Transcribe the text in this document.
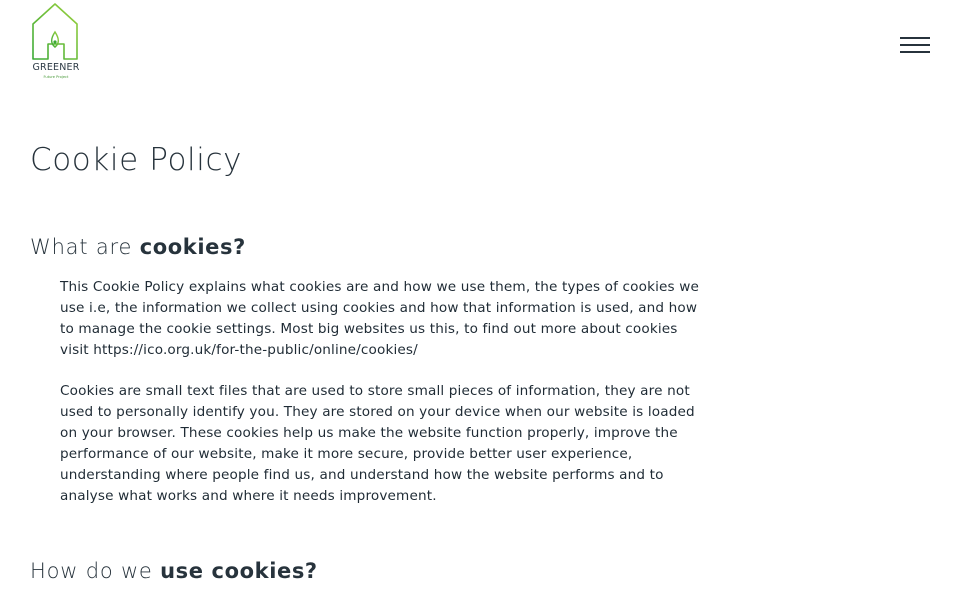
GREENER
Future Project
Cookie Policy
What are cookies?

This Cookie Policy explains what cookies are and how we use them, the types of cookies we use i.e, the information we collect using cookies and how that information is used, and how to manage the cookie settings. Most big websites us this, to find out more about cookies visit https://ico.org.uk/for-the-public/online/cookies/

Cookies are small text files that are used to store small pieces of information, they are not used to personally identify you. They are stored on your device when our website is loaded on your browser. These cookies help us make the website function properly, improve the performance of our website, make it more secure, provide better user experience, understanding where people find us, and understand how the website performs and to analyse what works and where it needs improvement.

How do we use cookies?
